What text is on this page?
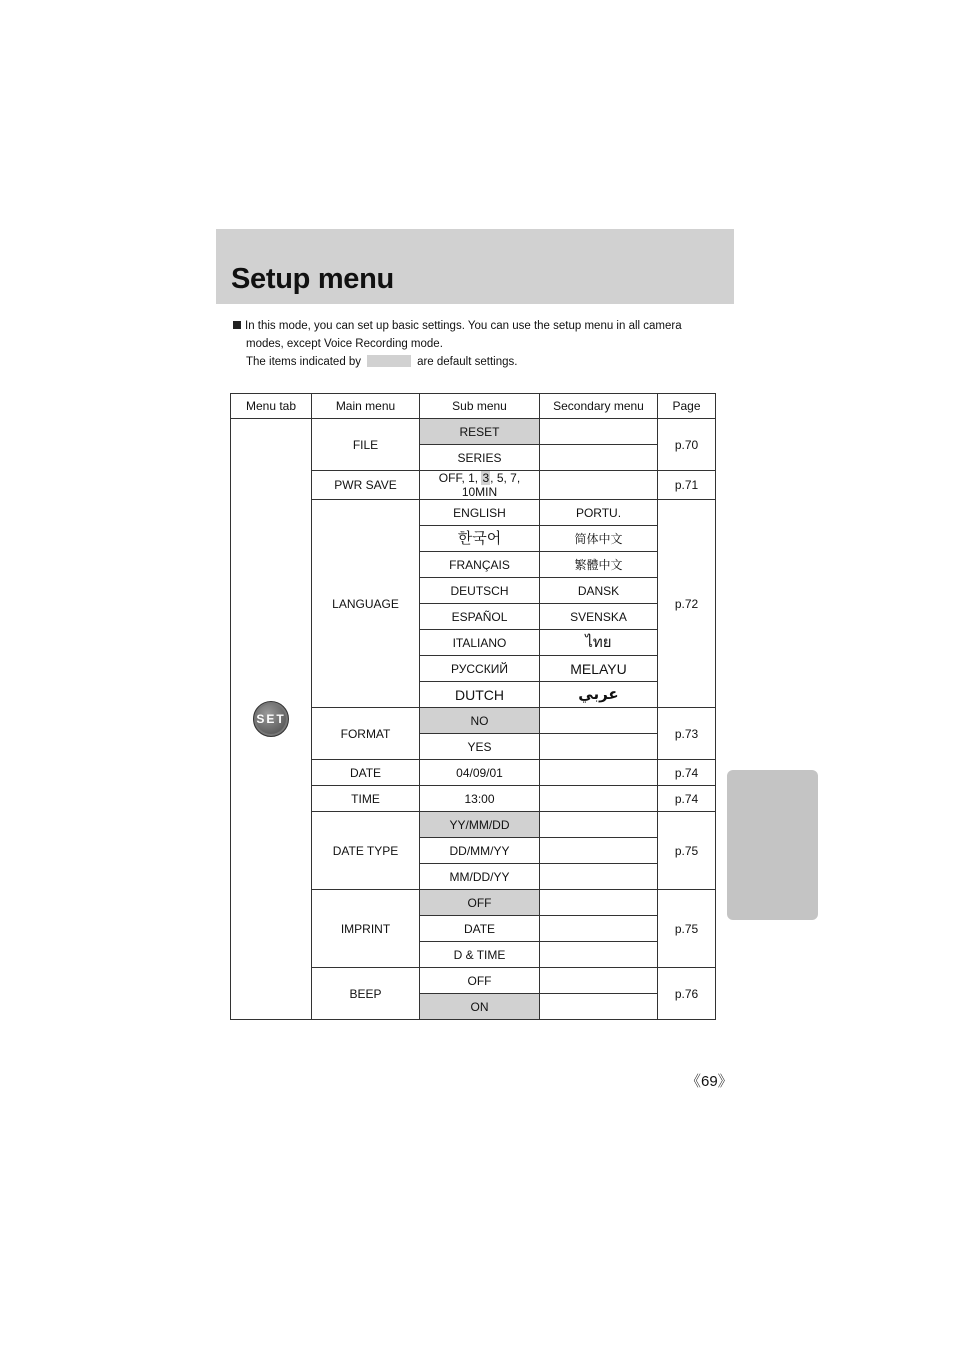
Setup menu
In this mode, you can set up basic settings. You can use the setup menu in all camera
modes, except Voice Recording mode.
The items indicated by	are default settings.
Menu tab	Main menu	Sub menu	Secondary menu	Page
SET	FILE	RESET		p.70
		SERIES		
	PWR SAVE	OFF, 1, 3, 5, 7, 10MIN		p.71
	LANGUAGE	ENGLISH	PORTU.	p.72
		한국어	简体中文	
		FRANÇAIS	繁體中文	
		DEUTSCH	DANSK	
		ESPAÑOL	SVENSKA	
		ITALIANO	ไทย	
		РУССКИЙ	MELAYU	
		DUTCH	عربي	
	FORMAT	NO		p.73
		YES		
	DATE	04/09/01		p.74
	TIME	13:00		p.74
	DATE TYPE	YY/MM/DD		p.75
		DD/MM/YY		
		MM/DD/YY		
	IMPRINT	OFF		p.75
		DATE		
		D & TIME		
	BEEP	OFF		p.76
		ON		
《69》
